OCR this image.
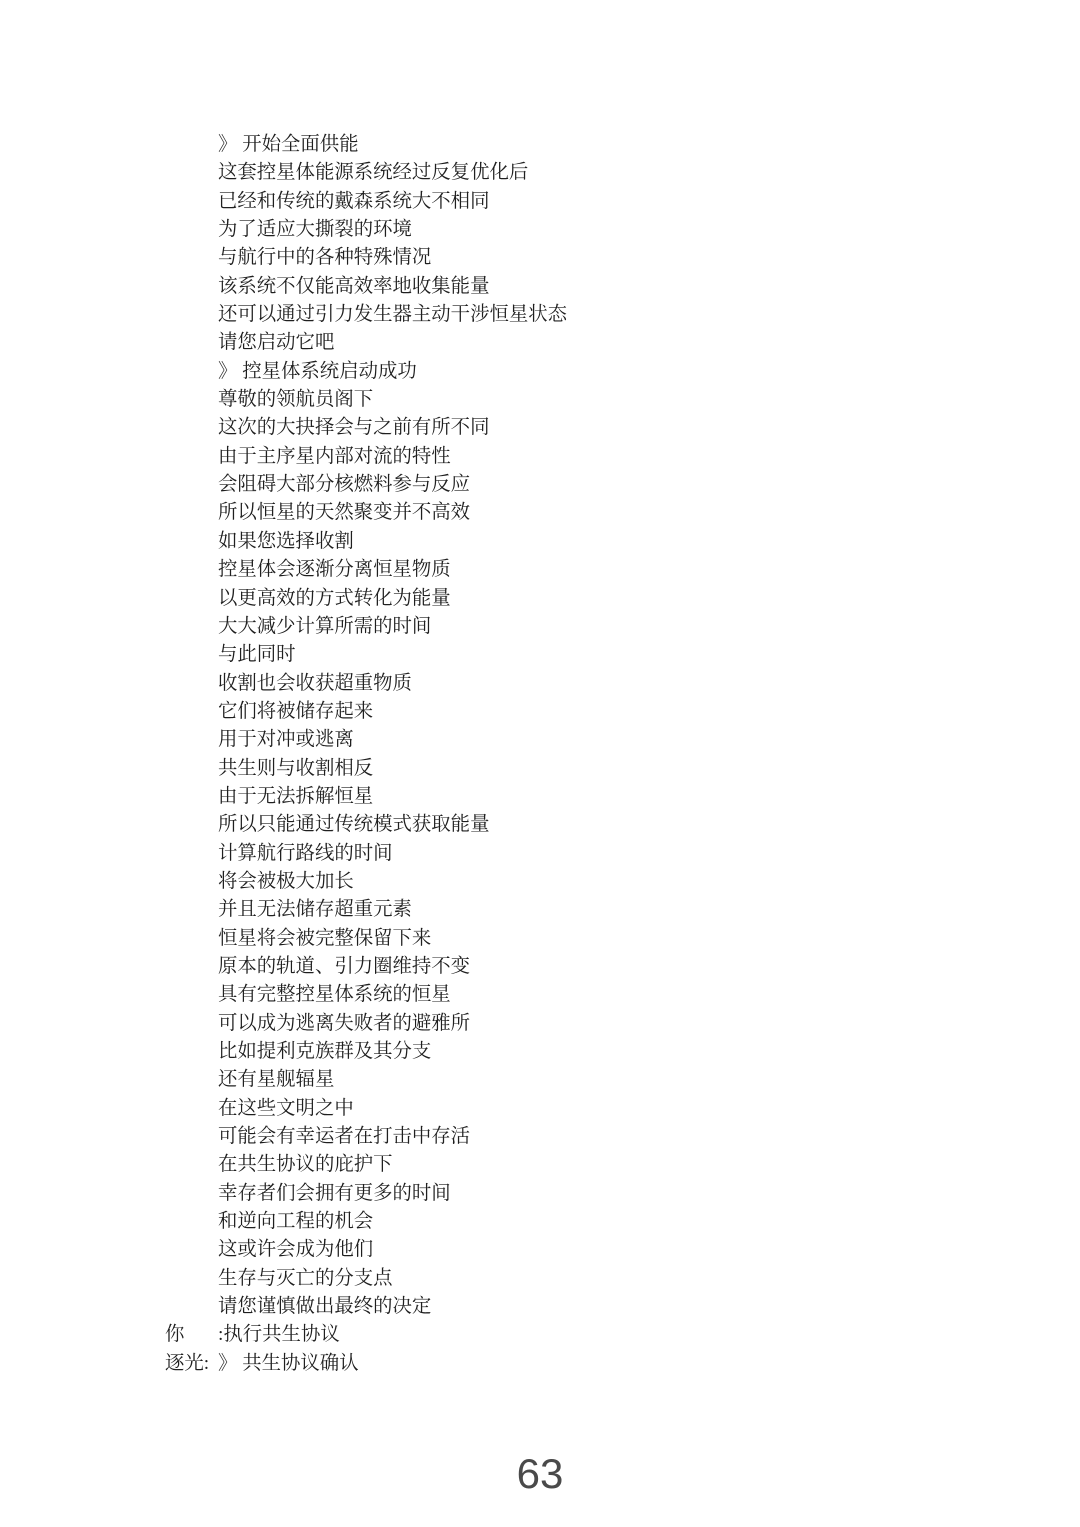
》 开始全面供能
这套控星体能源系统经过反复优化后
已经和传统的戴森系统大不相同
为了适应大撕裂的环境
与航行中的各种特殊情况
该系统不仅能高效率地收集能量
还可以通过引力发生器主动干涉恒星状态
请您启动它吧
》 控星体系统启动成功
尊敬的领航员阁下
这次的大抉择会与之前有所不同
由于主序星内部对流的特性
会阻碍大部分核燃料参与反应
所以恒星的天然聚变并不高效
如果您选择收割
控星体会逐渐分离恒星物质
以更高效的方式转化为能量
大大减少计算所需的时间
与此同时
收割也会收获超重物质
它们将被储存起来
用于对冲或逃离
共生则与收割相反
由于无法拆解恒星
所以只能通过传统模式获取能量
计算航行路线的时间
将会被极大加长
并且无法储存超重元素
恒星将会被完整保留下来
原本的轨道、引力圈维持不变
具有完整控星体系统的恒星
可以成为逃离失败者的避雅所
比如提利克族群及其分支
还有星舰辐星
在这些文明之中
可能会有幸运者在打击中存活
在共生协议的庇护下
幸存者们会拥有更多的时间
和逆向工程的机会
这或许会成为他们
生存与灭亡的分支点
请您谨慎做出最终的决定
你 :执行共生协议
逐光: 》 共生协议确认
63
